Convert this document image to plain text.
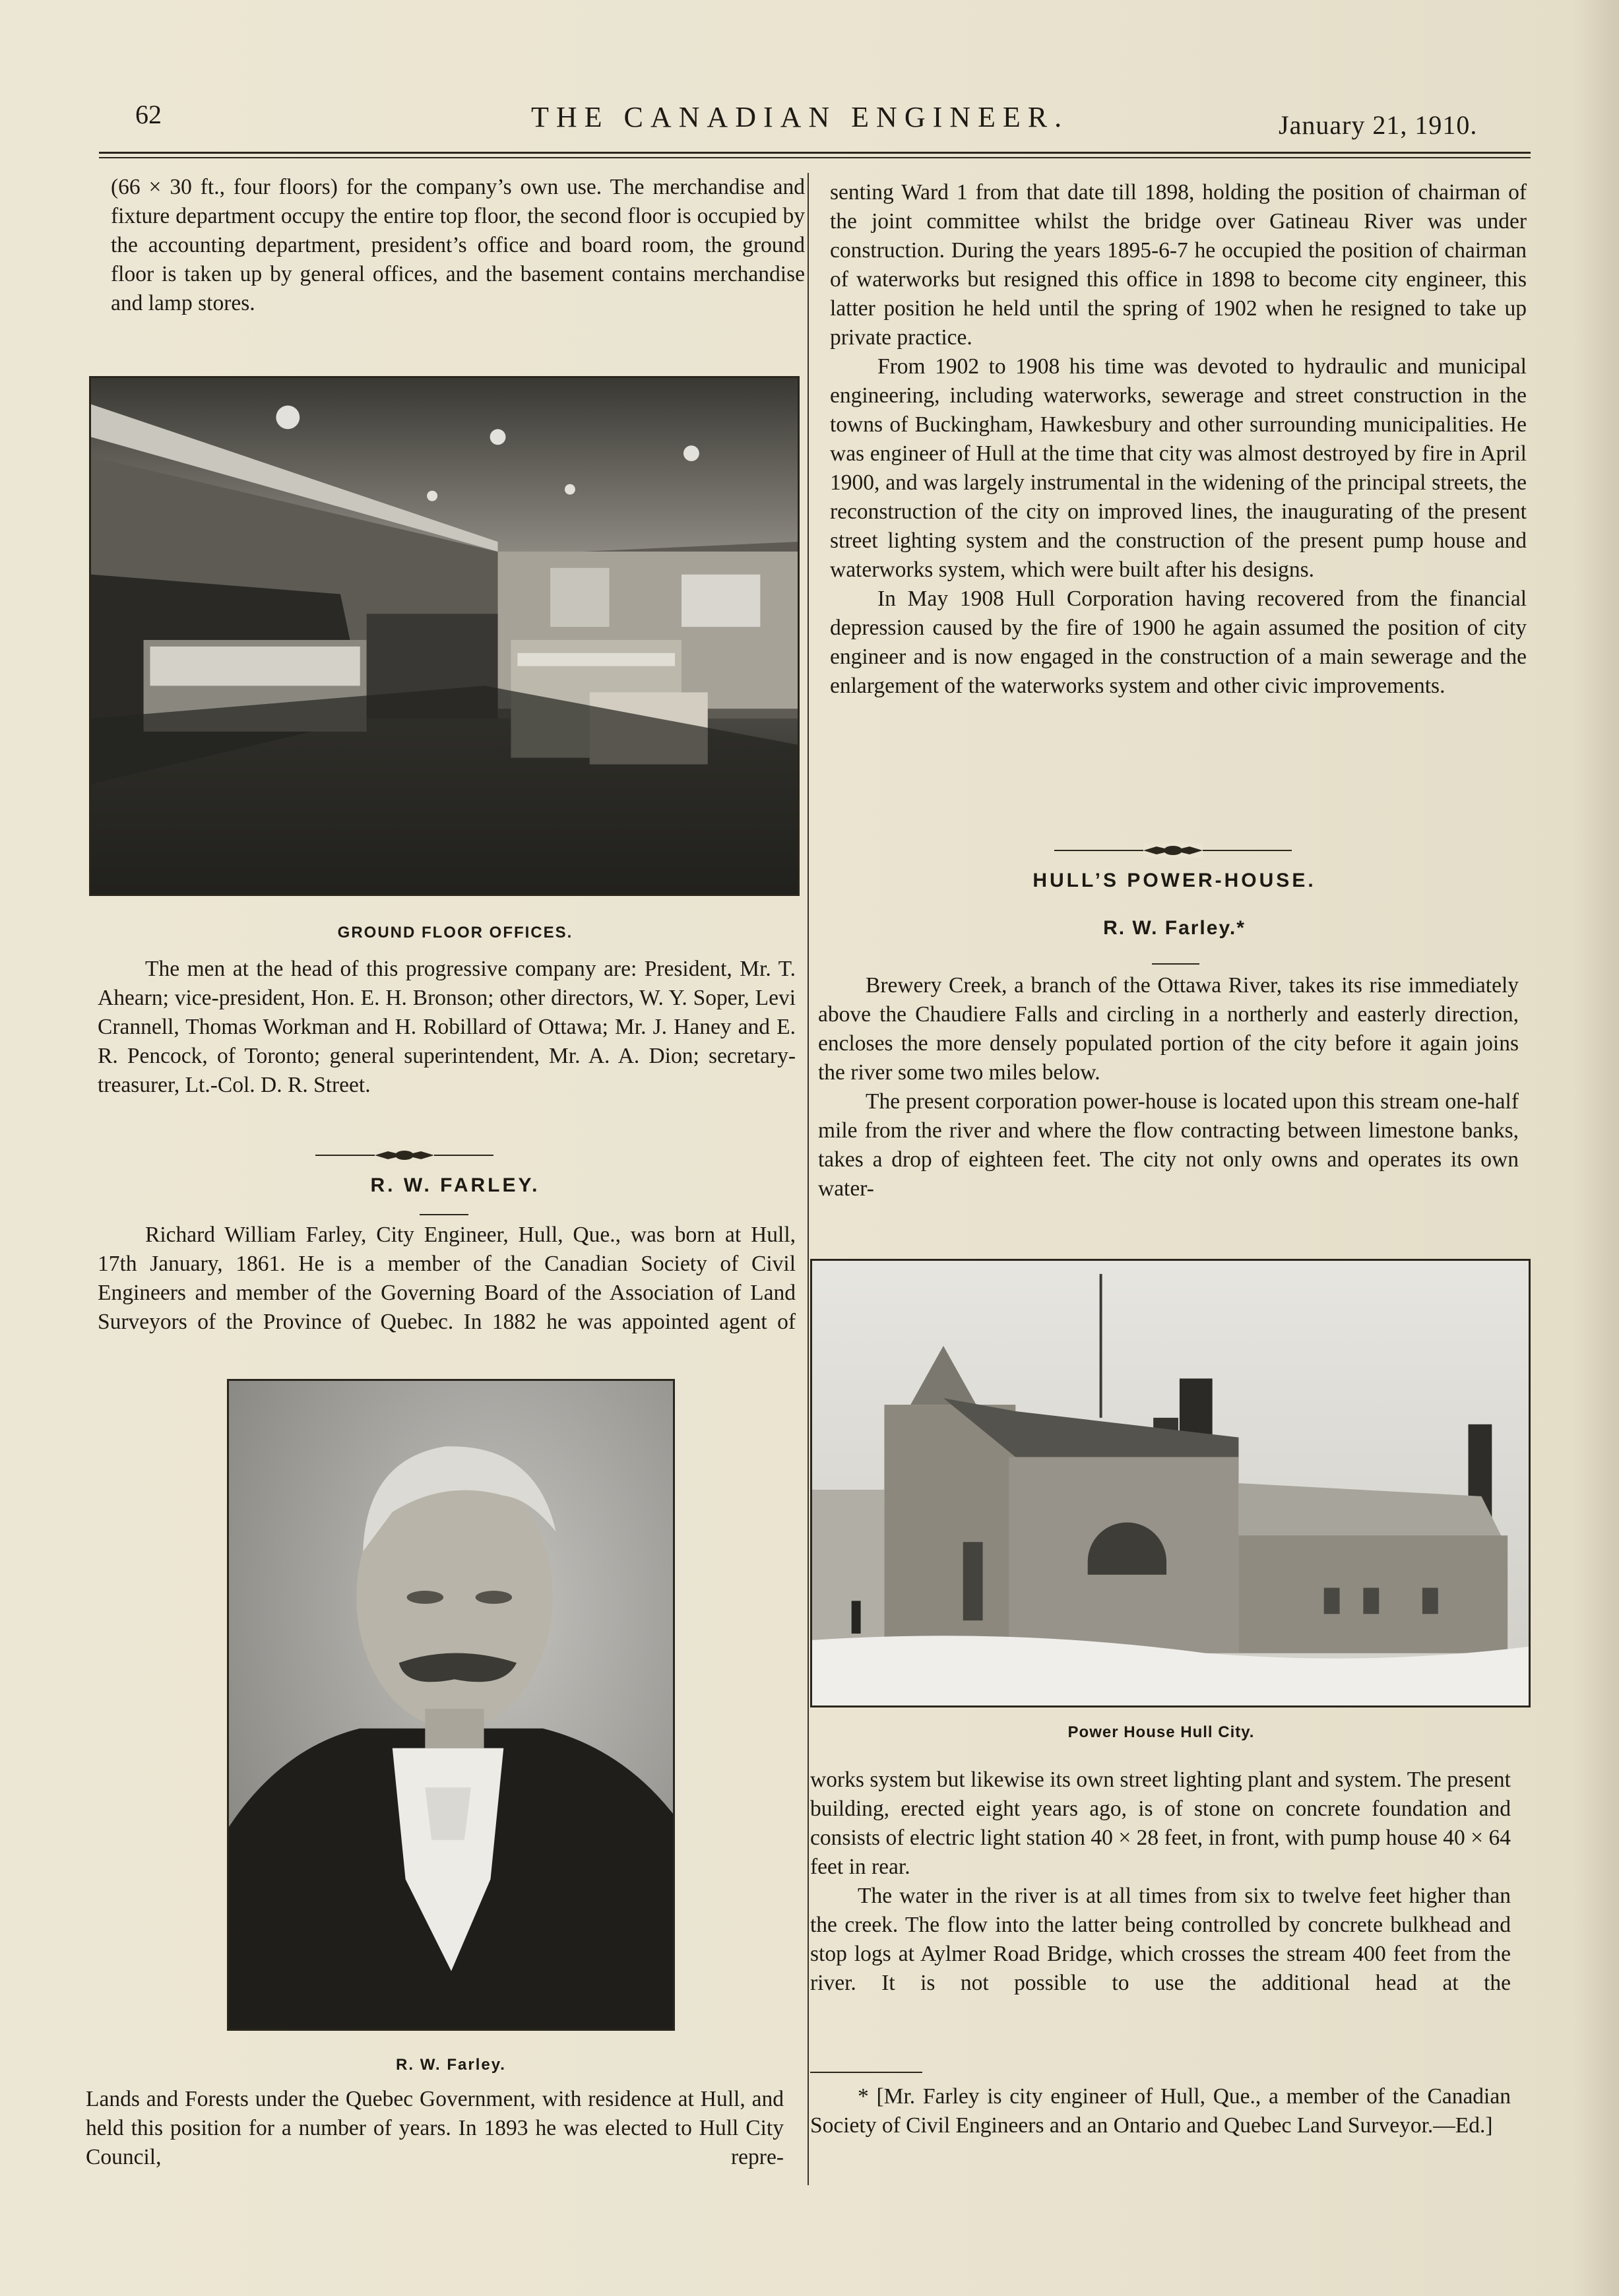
62	THE CANADIAN ENGINEER.	January 21, 1910.

(66 × 30 ft., four floors) for the company’s own use. The merchandise and fixture department occupy the entire top floor, the second floor is occupied by the accounting department, president’s office and board room, the ground floor is taken up by general offices, and the basement contains merchandise and lamp stores.

GROUND FLOOR OFFICES.

The men at the head of this progressive company are: President, Mr. T. Ahearn; vice-president, Hon. E. H. Bronson; other directors, W. Y. Soper, Levi Crannell, Thomas Workman and H. Robillard of Ottawa; Mr. J. Haney and E. R. Pencock, of Toronto; general superintendent, Mr. A. A. Dion; secretary-treasurer, Lt.-Col. D. R. Street.

R. W. FARLEY.

Richard William Farley, City Engineer, Hull, Que., was born at Hull, 17th January, 1861. He is a member of the Canadian Society of Civil Engineers and member of the Governing Board of the Association of Land Surveyors of the Province of Quebec. In 1882 he was appointed agent of

R. W. Farley.

Lands and Forests under the Quebec Government, with residence at Hull, and held this position for a number of years. In 1893 he was elected to Hull City Council, repre-

senting Ward 1 from that date till 1898, holding the position of chairman of the joint committee whilst the bridge over Gatineau River was under construction. During the years 1895-6-7 he occupied the position of chairman of waterworks but resigned this office in 1898 to become city engineer, this latter position he held until the spring of 1902 when he resigned to take up private practice.

From 1902 to 1908 his time was devoted to hydraulic and municipal engineering, including waterworks, sewerage and street construction in the towns of Buckingham, Hawkesbury and other surrounding municipalities. He was engineer of Hull at the time that city was almost destroyed by fire in April 1900, and was largely instrumental in the widening of the principal streets, the reconstruction of the city on improved lines, the inaugurating of the present street lighting system and the construction of the present pump house and waterworks system, which were built after his designs.

In May 1908 Hull Corporation having recovered from the financial depression caused by the fire of 1900 he again assumed the position of city engineer and is now engaged in the construction of a main sewerage and the enlargement of the waterworks system and other civic improvements.

HULL’S POWER-HOUSE.
R. W. Farley.*

Brewery Creek, a branch of the Ottawa River, takes its rise immediately above the Chaudiere Falls and circling in a northerly and easterly direction, encloses the more densely populated portion of the city before it again joins the river some two miles below.

The present corporation power-house is located upon this stream one-half mile from the river and where the flow contracting between limestone banks, takes a drop of eighteen feet. The city not only owns and operates its own water-

Power House Hull City.

works system but likewise its own street lighting plant and system. The present building, erected eight years ago, is of stone on concrete foundation and consists of electric light station 40 × 28 feet, in front, with pump house 40 × 64 feet in rear.

The water in the river is at all times from six to twelve feet higher than the creek. The flow into the latter being controlled by concrete bulkhead and stop logs at Aylmer Road Bridge, which crosses the stream 400 feet from the river. It is not possible to use the additional head at the

* [Mr. Farley is city engineer of Hull, Que., a member of the Canadian Society of Civil Engineers and an Ontario and Quebec Land Surveyor.—Ed.]
